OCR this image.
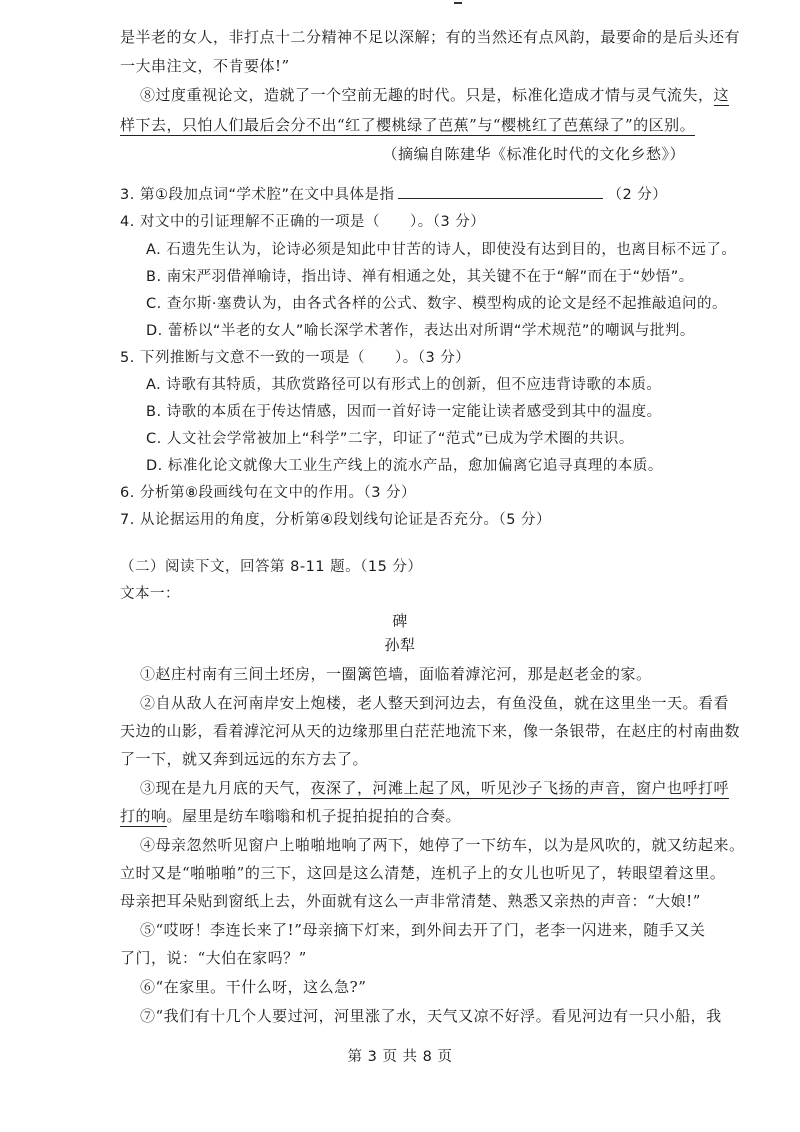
是半老的女人，非打点十二分精神不足以深解；有的当然还有点风韵，最要命的是后头还有
一大串注文，不肯要体!”
⑧过度重视论文，造就了一个空前无趣的时代。只是，标准化造成才情与灵气流失，这
样下去，只怕人们最后会分不出“红了樱桃绿了芭蕉”与“樱桃红了芭蕉绿了”的区别。
（摘编自陈建华《标准化时代的文化乡愁》）
3. 第①段加点词“学术腔”在文中具体是指	（2 分）
4. 对文中的引证理解不正确的一项是（　　）。（3 分）
A. 石遗先生认为，论诗必须是知此中甘苦的诗人，即使没有达到目的，也离目标不远了。
B. 南宋严羽借禅喻诗，指出诗、禅有相通之处，其关键不在于“解”而在于“妙悟”。
C. 查尔斯·塞费认为，由各式各样的公式、数字、模型构成的论文是经不起推敲追问的。
D. 蕾桥以“半老的女人”喻长深学术著作，表达出对所谓“学术规范”的嘲讽与批判。
5. 下列推断与文意不一致的一项是（　　）。（3 分）
A. 诗歌有其特质，其欣赏路径可以有形式上的创新，但不应违背诗歌的本质。
B. 诗歌的本质在于传达情感，因而一首好诗一定能让读者感受到其中的温度。
C. 人文社会学常被加上“科学”二字，印证了“范式”已成为学术圈的共识。
D. 标准化论文就像大工业生产线上的流水产品，愈加偏离它追寻真理的本质。
6. 分析第⑧段画线句在文中的作用。（3 分）
7. 从论据运用的角度，分析第④段划线句论证是否充分。（5 分）
（二）阅读下文，回答第 8-11 题。（15 分）
文本一：
碑
孙犁
①赵庄村南有三间土坯房，一圈篱笆墙，面临着滹沱河，那是赵老金的家。
②自从敌人在河南岸安上炮楼，老人整天到河边去，有鱼没鱼，就在这里坐一天。看看
天边的山影，看着滹沱河从天的边缘那里白茫茫地流下来，像一条银带，在赵庄的村南曲数
了一下，就又奔到远远的东方去了。
③现在是九月底的天气，夜深了，河滩上起了风，听见沙子飞扬的声音，窗户也呼打呼
打的响。屋里是纺车嗡嗡和机子捉拍捉拍的合奏。
④母亲忽然听见窗户上啪啪地响了两下，她停了一下纺车，以为是风吹的，就又纺起来。
立时又是“啪啪啪”的三下，这回是这么清楚，连机子上的女儿也听见了，转眼望着这里。
母亲把耳朵贴到窗纸上去，外面就有这么一声非常清楚、熟悉又亲热的声音：“大娘!”
⑤“哎呀！李连长来了!”母亲摘下灯来，到外间去开了门，老李一闪进来，随手又关
了门，说：“大伯在家吗？”
⑥“在家里。干什么呀，这么急?”
⑦“我们有十几个人要过河，河里涨了水，天气又凉不好浮。看见河边有一只小船，我
第 3 页 共 8 页
